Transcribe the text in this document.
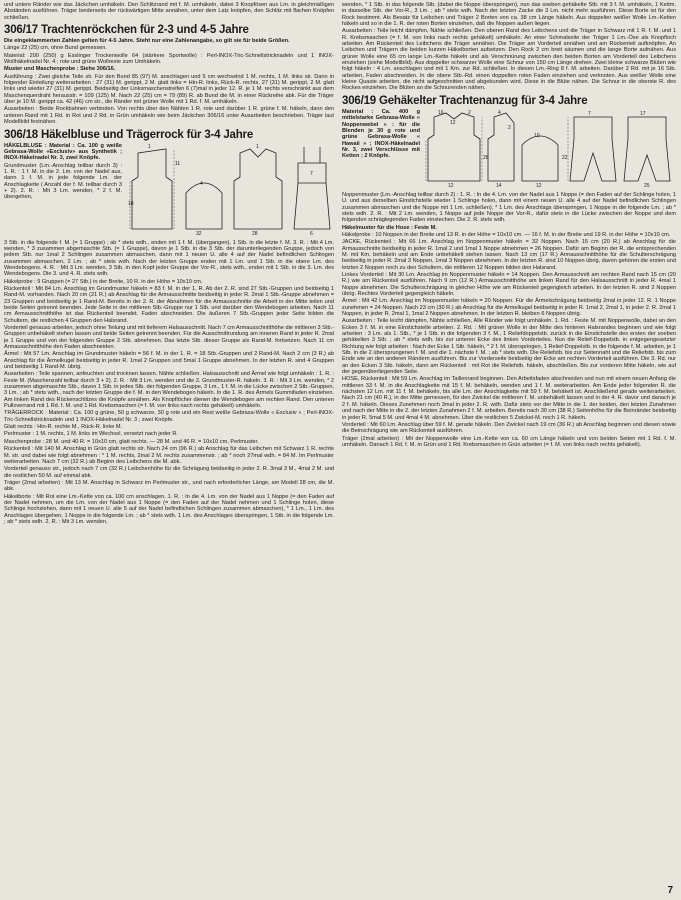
und untere Ränder wie das Jäckchen umhäkeln. Den Schlitzrand mit f. M. umhäkeln, dabei 3 Knopfösen aus Lm. in gleichmäßigen Abständen ausführen. Träger beiderseits der rückwärtigen Mitte annähen, unter dem Latz knöpfen, den Schlitz mit flachen Knöpfen schließen.

306/17 Trachtenröckchen für 2-3 und 4-5 Jahre

Die eingeklammerten Zahlen gelten für 4-5 Jahre. Steht nur eine Zahlenangabe, so gilt sie für beide Größen.

Länge 22 (25) cm, ohne Bund gemessen.

Material: 200 (250) g Esslinger Trockenwolle 64 (stärkere Sportwolle) : Perl-INOX-Tric-Schnellstricknadeln und 1 INOX-Wollhäkelnadel Nr. 4 ; rote und grüne Wollreste zum Umhäkeln.

Muster und Maschenprobe : Siehe 306/16.

Ausführung : Zwei gleiche Teile str. Für den Bund 85 (97) M. anschlagen und 5 cm wechselnd 1 M. rechts, 1 M. links str. Dann in folgender Einteilung weiterarbeiten : 27 (31) M. gerippt, 2 M. glatt links = Hin-R. links, Rück-R. rechts, 27 (31) M. gerippt, 2 M. glatt links und wieder 27 (31) M. gerippt. Beidseitig der Linksmaschenstreifen 6 (7)mal in jeder 12. R. je 1 M. rechts verschränkt aus dem Maschenquerdraht herausstr. = 109 (125) M. Nach 22 (25) cm = 79 (89) R. ab Bund die M. in einer Rückreihe abk. Für die Träger über je 10 M. gerippt ca. 42 (46) cm str., die Ränder mit grüner Wolle mit 1 Rd. f. M. umhäkeln.

Ausarbeiten : Beide Rockbahnen verbinden. Von rechts über den Nähten 1 R. rote und darüber 1 R. grüne f. M. häkeln, dann den unteren Rand mit 1 Rd. in Rot und 2 Rd. in Grün umhäkeln wie beim Jäckchen 306/16 unter Ausarbeiten beschrieben. Träger laut Modellbild festnähen.

306/18 Häkelbluse und Trägerrock für 3-4 Jahre

HÄKELBLUSE : Material : Ca. 100 g weiße Gebrasa-Wolle «Exclusiv» aus Synthetik ; INOX-Häkelnadel Nr. 3, zwei Knöpfe.

Grundmuster (Lm.-Anschlag teilbar durch 3) : 1. R. : 1 f. M. in die 2. Lm. von der Nadel aus, dann 1 f. M. in jede folgende Lm. der Anschlagkette ( Anzahl der f. M. teilbar durch 3 + 2). 2. R. : Mit 3 Lm. wenden, * 2 f. M. übergehen,

18
11
1
4
32
1
28
7
6

3 Stb. in die folgende f. M. (= 1 Gruppe) ; ab * stets wdh., enden mit 1 f. M. (übergangen), 1 Stb. in die letzte f. M. 3. R. : Mit 4 Lm. wenden, * 3 zusammen abgemaschte Stb. (= 1 Gruppe), davon je 1 Stb. in die 3 Stb. der darunterliegenden Gruppe, jedoch von jedem Stb. nur 1mal 2 Schlingen zusammen abmaschen, dann mit 1 neuen U. alle 4 auf der Nadel befindlichen Schlingen zusammen abmaschen, 2 Lm. ; ab * stets wdh. Nach der letzten Gruppe enden mit 1 Lm. und 1 Stb. in die obere Lm. des Wendebogens. 4. R. : Mit 3 Lm. wenden, 3 Stb. in den Kopf jeder Gruppe der Vor-R., stets wdh., enden mit 1 Stb. in die 3. Lm. des Wendebogens. Die 3. und 4. R. stets wdh.

Häkelprobe : 9 Gruppen (= 27 Stb.) in der Breite, 10 R. in der Höhe = 10x10 cm.

Rückenteil : Mit 84 Lm. Anschlag im Grundmuster häkeln = 83 f. M. in der 1. R. Ab der 2. R. sind 27 Stb.-Gruppen und beidseitig 1 Rand-M. vorhanden. Nach 20 cm (21 R.) ab Anschlag für die Armausschnitte beidseitig in jeder R. 2mal 1 Stb.-Gruppe abnehmen = 23 Gruppen und beidseitig je 1 Rand-M. Bereits in der 2. R. der Abnahmen für die Armausschnitte die Arbeit in der Mitte teilen und beide Seiten getrennt beenden. Jede Seite in der mittleren Stb.-Gruppe nur 1 Stb. und darüber den Wendebogen arbeiten. Nach 11 cm Armausschnitthöhe ist das Rückenteil beendet. Faden abschneiden. Die äußeren 7 Stb.-Gruppen jeder Seite bilden die Schultern, die restlichen 4 Gruppen den Halsrand.

Vorderteil genauso arbeiten, jedoch ohne Teilung und mit tieferem Halsausschnitt. Nach 7 cm Armausschnitthöhe die mittleren 3 Stb.-Gruppen unbehäkelt stehen lassen und beide Seiten getrennt beenden. Für die Ausschnittrundung am inneren Rand in jeder R. 2mal je 1 Gruppe und von der folgenden Gruppe 2 Stb. abnehmen. Das letzte Stb. dieser Gruppe als Rand-M. fortsetzen. Nach 11 cm Armausschnitthöhe den Faden abschneiden.

Ärmel : Mit 57 Lm. Anschlag im Grundmuster häkeln = 56 f. M. in der 1. R. = 18 Stb.-Gruppen und 2 Rand-M. Nach 2 cm (3 R.) ab Anschlag für die Ärmelkugel beidseitig in jeder R. 1mal 2 Gruppen und 5mal 1 Gruppe abnehmen. In der letzten R. sind 4 Gruppen und beidseitig 1 Rand-M. übrig.

Ausarbeiten : Teile spannen, anfeuchten und trocknen lassen. Nähte schließen. Halsausschnitt und Ärmel wie folgt umhäkeln : 1. R. : Feste M. (Maschenzahl teilbar durch 3 + 2). 2. R. : Mit 3 Lm. wenden und die 2. Grundmuster-R. häkeln. 3. R. : Mit 3 Lm. wenden, * 2 zusammen abgemaschte Stb., davon 1 Stb. in jedes Stb. der folgenden Gruppe, 3 Lm., 1 f. M. in die Lücke zwischen 2 Stb.-Gruppen, 3 Lm. ; ab * stets wdh., nach der letzten Gruppe die f. M. in den Wendebogen häkeln. In die 1. R. des Ärmels Gummifaden einziehen. Am linken Rand des Rückenschlitzes die Knöpfe annähen. Als Knopflöcher dienen die Wendebogen am rechten Rand. Den unteren Pulloverrand mit 1 Rd. f. M. und 1 Rd. Krebsmaschen (= f. M. von links nach rechts gehäkelt) umhäkeln.

TRÄGERROCK : Material : Ca. 100 g grüne, 50 g schwarze, 30 g rote und ein Rest weiße Gebrasa-Wolle « Exclusiv » ; Perl-INOX-Tric-Schnellstricknadeln und 1 INOX-Häkelnadel Nr. 3 ; zwei Knöpfe.

Glatt rechts : Hin-R. rechte M., Rück-R. linke M.

Perlmuster : 1 M. rechts, 1 M. links im Wechsel, versetzt nach jeder R.

Maschenprobe : 28 M. und 40 R. = 10x10 cm, glatt rechts. — 28 M. und 46 R. = 10x10 cm, Perlmuster.

Rückenteil : Mit 140 M. Anschlag in Grün glatt rechts str. Nach 24 cm (96 R.) ab Anschlag für das Leibchen mit Schwarz 1 R. rechte M. str. und dabei wie folgt abnehmen : * 1 M. rechts, 2mal 2 M. rechts zusammenstr. ; ab * noch 27mal wdh. = 84 M. Im Perlmuster weiterarbeiten. Nach 7 cm (32 R.) ab Beginn des Leibchens die M. abk.

Vorderteil genauso str., jedoch nach 7 cm (32 R.) Leibchenhöhe für die Schrägung beidseitig in jeder 2. R. 3mal 3 M., 4mal 2 M. und die restlichen 50 M. auf einmal abk.

Träger (2mal arbeiten) : Mit 13 M. Anschlag in Schwarz im Perlmuster str., und nach erforderlicher Länge, am Modell 28 cm, die M. abk.

Häkelborte : Mit Rot eine Lm.-Kette von ca. 100 cm anschlagen. 1. R. : In die 4. Lm. von der Nadel aus 1 Noppe (= den Faden auf der Nadel nehmen, um die Lm. von der Nadel aus 1 Noppe (= den Faden auf der Nadel nehmen und 1 Schlinge holen, diese Schlinge hochziehen, dann mit 1 neuen U. alle 5 auf der Nadel befindlichen Schlingen zusammen abmaschen), * 1 Lm., 1 Lm. des Anschlages übergehen, 1 Noppe in die folgende Lm. ; ab * stets wdh. 1 Lm. des Anschlages überspringen, 1 Stb. in die folgende Lm. ; ab * stets wdh. 2. R. : Mit 3 Lm. wenden,

wenden, * 1 Stb. in das folgende Stb. (dabei die Noppe überspringen), nun das soeben gehäkelte Stb. mit 3 f. M. umhäkeln, 1 Kettm. in dasselbe Stb. der Vor-R., 3 Lm. ; ab * stets wdh. Nach der letzten Zacke die 3 Lm. nicht mehr ausführen. Diese Borte ist für den Rock bestimmt. Als Besatz für Leibchen und Träger 2 Borten von ca. 38 cm Länge häkeln. Aus doppelter weißer Wolle Lm.-Ketten häkeln und so in die 1. R. der roten Borten einziehen, daß die Noppen außen liegen.

Ausarbeiten : Teile leicht dämpfen, Nähte schließen. Den oberen Rand des Leibchens und die Träger in Schwarz mit 1 R. f. M. und 1 R. Krebsmaschen (= f. M. von links nach rechts gehäkelt) umhäkeln. An einer Schmalseite der Träger 1 Lm.-Öse als Knopfloch arbeiten. Am Rückenteil des Leibchens die Träger annähen. Die Träger am Vorderteil annähen und am Rückenteil aufknöpfen. An Leibchen und Trägern die beiden kurzen Häkelborten aufsetzen. Den Rock 2 cm breit säumen und die lange Borte aufnähen. Aus grüner Wolle eine 65 cm lange Lm.-Kette häkeln und als Verschnürung zwischen den beiden Borten am Vorderteil des Leibchens einziehen (siehe Modellbild). Aus doppelter schwarzer Wolle eine Schnur von 150 cm Länge drehen. Zwei kleine schwarze Blüten wie folgt häkeln : 4 Lm. anschlagen und mit 1 Km. zur Rd. schließen. In diesen Lm.-Ring 8 f. M. arbeiten. Darüber 2 Rd. mit je 16 Stb. arbeiten, Faden abschneiden. In die obere Stb.-Rd. einen doppelten roten Faden einziehen und verknoten. Aus weißer Wolle eine kleine Quaste arbeiten, die nicht aufgeschnitten und abgebunden wird. Diese in die Blüte nähen. Die Schnur in die oberste R. des Rockes einziehen. Die Blüten an die Schnurenden nähen.

306/19 Gehäkelter Trachtenanzug für 3-4 Jahre

Material : Ca. 400 g mittelstarke Gebrasa-Wolle « Noppenwebel » : für die Blenden je 30 g rote und grüne Gebrasa-Wolle « Hawaii » ; INOX-Häkelnadel Nr. 3, zwei Verschlüsse mit Ketten ; 2 Knöpfe.

16
12
2
28
4
2
12	14	12
10
7
22
17
25

Noppenmuster (Lm.-Anschlag teilbar durch 2) : 1. R. : In die 4. Lm. von der Nadel aus 1 Noppe (= den Faden auf der Schlinge holen, 1 U. und aus derselben Einstichstelle wieder 1 Schlinge holen, dann mit einem neuen U. alle 4 auf der Nadel befindlichen Schlingen zusammen abmaschen und die Noppe mit 1 Lm. schließen), * 1 Lm. des Anschlags überspringen, 1 Noppe in die folgende Lm. ; ab * stets wdh. 2. R. : Mit 2 Lm. wenden, 1 Noppe auf jede Noppe der Vor-R., dafür stets in die Lücke zwischen der Noppe und dem folgenden schräglegenden Faden einstechen. Die 2. R. stets wdh.

Häkelmuster für die Hose : Feste M.

Häkelprobe : 10 Noppen in der Breite und 13 R. in der Höhe = 10x10 cm. — 16 f. M. in der Breite und 19 R. in der Höhe = 10x10 cm.

JACKE, Rückenteil : Mit 66 Lm. Anschlag im Noppenmuster häkeln = 32 Noppen. Nach 15 cm (20 R.) ab Anschlag für die Armausschnitte beidseitig in jeder R. 1mal 2 und 1mal 1 Noppe abnehmen = 26 Noppen. Dafür am Beginn der R. die entsprechenden M. mit Km. behäkeln und am Ende unbehäkelt stehen lassen. Nach 13 cm (17 R.) Armausschnitthöhe für die Schulterschrägung beidseitig in jeder R. 2mal 3 Noppen, 1mal 3 Noppen abnehmen. In der letzten R. sind 10 Noppen übrig, davon gehören die ersten und letzten 2 Noppen noch zu den Schultern, die mittleren 12 Noppen bilden den Halsrand.

Linkes Vorderteil : Mit 30 Lm. Anschlag im Noppenmuster häkeln = 14 Noppen. Den Armausschnitt am rechten Rand nach 15 cm (20 R.) wie am Rückenteil ausführen. Nach 9 cm (12 R.) Armausschnitthöhe am linken Rand für den Halsausschnitt in jeder R. 4mal 1 Noppe abnehmen. Die Schulterschrägung in gleicher Höhe wie am Rückenteil gegengleich arbeiten. In der letzten R. sind 2 Noppen übrig. Rechtes Vorderteil gegengleich häkeln.

Ärmel : Mit 42 Lm. Anschlag im Noppenmuster häkeln = 20 Noppen. Für die Ärmelschrägung beidseitig 2mal in jeder 12. R. 1 Noppe zunehmen = 24 Noppen. Nach 23 cm (30 R.) ab Anschlag für die Armelkugel beidseitig in jeder R. 1mal 2, 2mal 1, in jeder 2. R. 2mal 1 Noppen, in jeder R. 2mal 1, 1mal 2 Noppen abnehmen. In der letzten R. bleiben 6 Noppen übrig.

Ausarbeiten : Teile leicht dämpfen, Nähte schließen, Alle Ränder wie folgt umhäkeln. 1. Rd. : Feste M. mit Noppenwolle, dabei an den Ecken 3 f. M. in eine Einstichstelle arbeiten. 2. Rd. : Mit grüner Wolle in der Mitte des hinteren Halsrandes beginnen und wie folgt arbeiten : 3 Lm. als 1. Stb., * je 1 Stb. in die folgenden 3 f. M., 1 Reliefdoppelstb. zurück in die Einstichstelle des ersten der soeben gehäkelten 3 Stb. ; ab * stets wdh. bis zur unteren Ecke des linken Vorderteiles. Nun die Relief-Doppelstb. in entgegengesetzter Richtung wie folgt arbeiten : Nach der Ecke 1 Stb. häkeln, * 2 f. M. überspringen, 1 Relief-Doppelstb. in die folgende f. M. arbeiten, je 1 Stb. in die 2 übersprungenen f. M. und die 1. nächste f. M. ; ab * stets wdh. Die Reliefstb. bis zur Seitennaht und die Reliefstb. bis zum Ende wie an den anderen Rändern ausführen. Bis zur Vorderseite beidseitig der Ecke am rechten Vorderteil ausführen. Die 3. Rd. nur an den Ecken 3 Stb. häkeln, dann am Rückenteil : mit Rot die Reliefstb. häkeln, abschließen. Bis zur vorderen Mitte häkeln, wie auf der gegenüberliegenden Seite.

HOSE, Rückenteil : Mit 59 Lm. Anschlag im Taillenrand beginnen. Den Arbeitsfaden abschneiden und nun mit einem neuen Anfang die mittleren 33 f. M. in die Anschlagkette mit 15 f. M. behäkeln, wenden und 1 f. M. weiterarbeiten. Am Ende jeder folgenden R. die nächsten 12 Lm. mit 11 f. M. behäkeln, bis alle Lm. der Anschlagkette mit 59 f. M. behäkelt ist. Anschließend gerade weiterarbeiten. Nach 21 cm (40 R.), in der Mitte gemessen, für den Zwickel die mittleren f. M. unbehäkelt lassen und in der 4. R. davor und danach je 2 f. M. häkeln. Dieses Zunehmen noch 3mal in jeder 2. R. wdh. Dafür stets vor der Mitte in die 1. der beiden, den letzten Zunahmen und nach der Mitte in die 2. der letzten Zunahmen 2 f. M. arbeiten. Bereits nach 30 cm (38 R.) Seitenhöhe für die Beinränder beidseitig in jeder R. 5mal 5 M. und 4mal 4 M. abnehmen. Über die restlichen 5 Zwickel-M. noch 1 R. häkeln.

Vorderteil : Mit 60 Lm. Anschlag über 59 f. M. gerade häkeln. Den Zwickel nach 19 cm (36 R.) ab Anschlag beginnen und diesen sowie die Beinschrägung wie am Rückenteil ausführen.

Träger (2mal arbeiten) : Mit der Noppenwolle eine Lm.-Kette von ca. 60 cm Länge häkeln und von beiden Seiten mit 1 Rd. f. M. umhäkeln. Danach 1 Rd. f. M. in Grün und 1 Rd. Krebsmaschen in Grün arbeiten (= f. M. von links nach rechts gehäkelt).

7
